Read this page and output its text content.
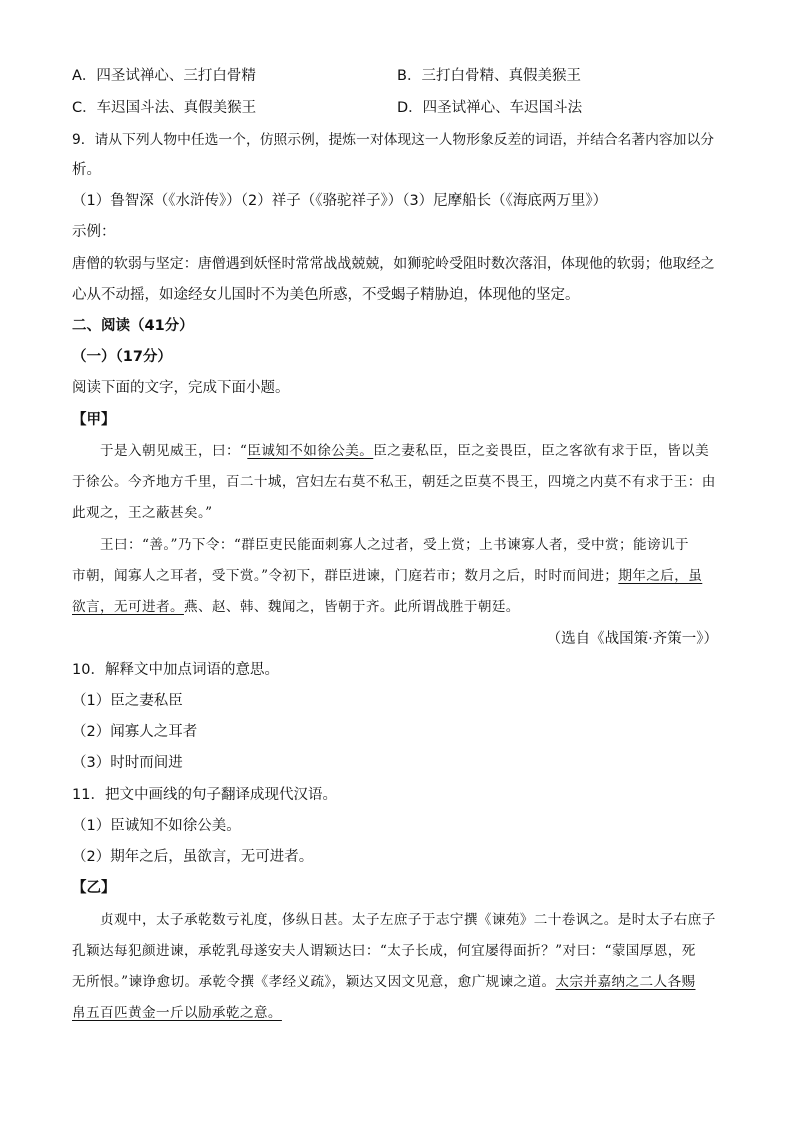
A．四圣试禅心、三打白骨精	B．三打白骨精、真假美猴王
C．车迟国斗法、真假美猴王	D．四圣试禅心、车迟国斗法
9．请从下列人物中任选一个，仿照示例，提炼一对体现这一人物形象反差的词语，并结合名著内容加以分
析。
（1）鲁智深（《水浒传》）（2）祥子（《骆驼祥子》）（3）尼摩船长（《海底两万里》）
示例：
唐僧的软弱与坚定：唐僧遇到妖怪时常常战战兢兢，如狮驼岭受阻时数次落泪，体现他的软弱；他取经之
心从不动摇，如途经女儿国时不为美色所惑，不受蝎子精胁迫，体现他的坚定。
二、阅读（41分）
（一）（17分）
阅读下面的文字，完成下面小题。
【甲】
于是入朝见威王，曰：“臣诚知不如徐公美。臣之妻私臣，臣之妾畏臣，臣之客欲有求于臣，皆以美
于徐公。今齐地方千里，百二十城，宫妇左右莫不私王，朝廷之臣莫不畏王，四境之内莫不有求于王：由
此观之，王之蔽甚矣。”
王曰：“善。”乃下令：“群臣吏民能面刺寡人之过者，受上赏；上书谏寡人者，受中赏；能谤讥于
市朝，闻寡人之耳者，受下赏。”令初下，群臣进谏，门庭若市；数月之后，时时而间进；期年之后，虽
欲言，无可进者。燕、赵、韩、魏闻之，皆朝于齐。此所谓战胜于朝廷。
（选自《战国策·齐策一》）
10．解释文中加点词语的意思。
（1）臣之妻私臣
（2）闻寡人之耳者
（3）时时而间进
11．把文中画线的句子翻译成现代汉语。
（1）臣诚知不如徐公美。
（2）期年之后，虽欲言，无可进者。
【乙】
贞观中，太子承乾数亏礼度，侈纵日甚。太子左庶子于志宁撰《谏苑》二十卷讽之。是时太子右庶子
孔颖达每犯颜进谏，承乾乳母遂安夫人谓颖达曰：“太子长成，何宜屡得面折？”对曰：“蒙国厚恩，死
无所恨。”谏诤愈切。承乾令撰《孝经义疏》，颖达又因文见意，愈广规谏之道。太宗并嘉纳之二人各赐
帛五百匹黄金一斤以励承乾之意。
